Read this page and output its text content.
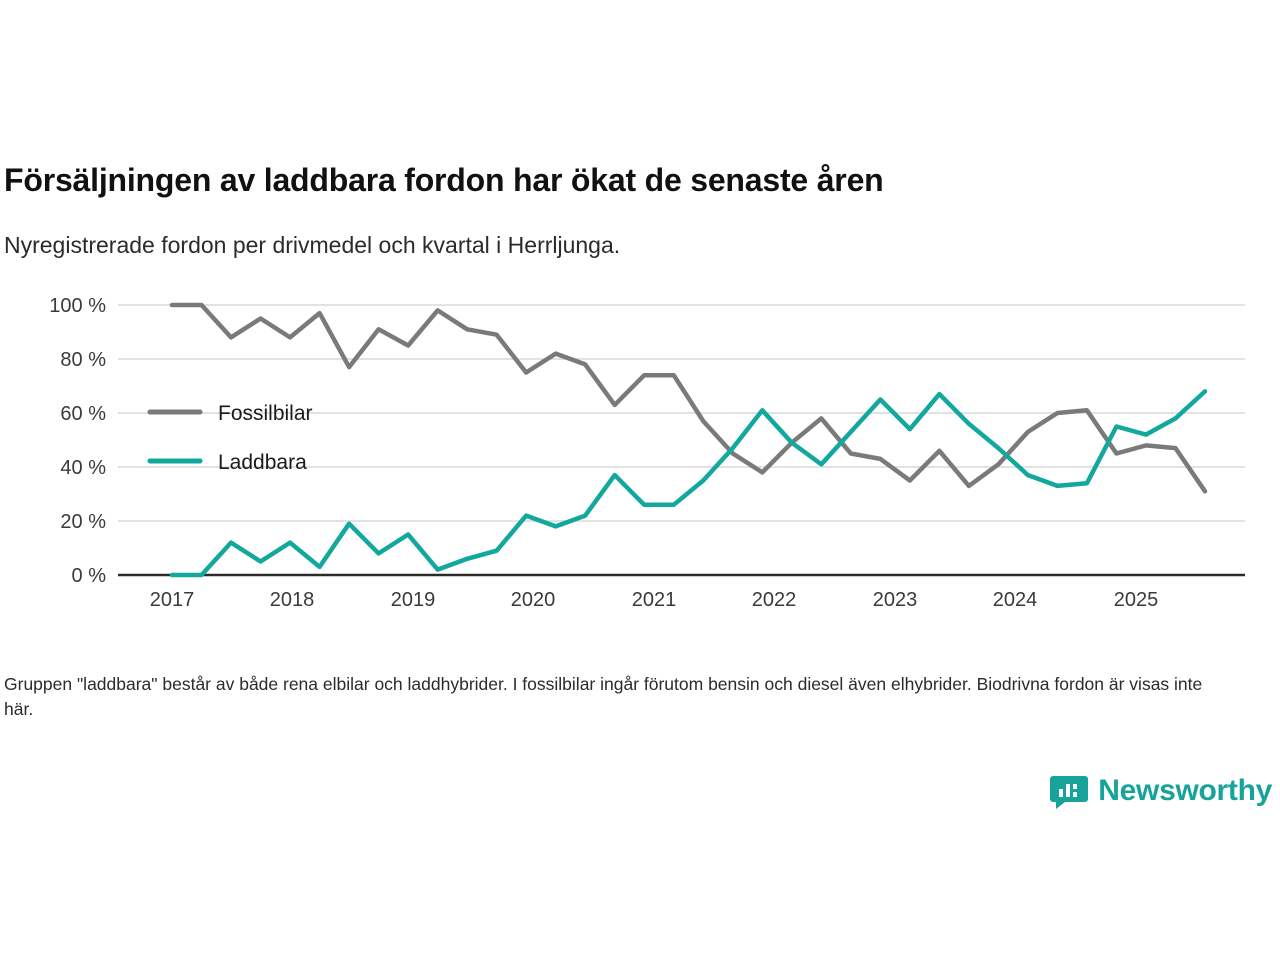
Försäljningen av laddbara fordon har ökat de senaste åren
Nyregistrerade fordon per drivmedel och kvartal i Herrljunga.
100 %
80 %
60 %
40 %
20 %
0 %
2017	2018	2019	2020	2021	2022	2023	2024	2025
Fossilbilar
Laddbara
Gruppen "laddbara" består av både rena elbilar och laddhybrider. I fossilbilar ingår förutom bensin och diesel även elhybrider. Biodrivna fordon är visas inte här.
Newsworthy
